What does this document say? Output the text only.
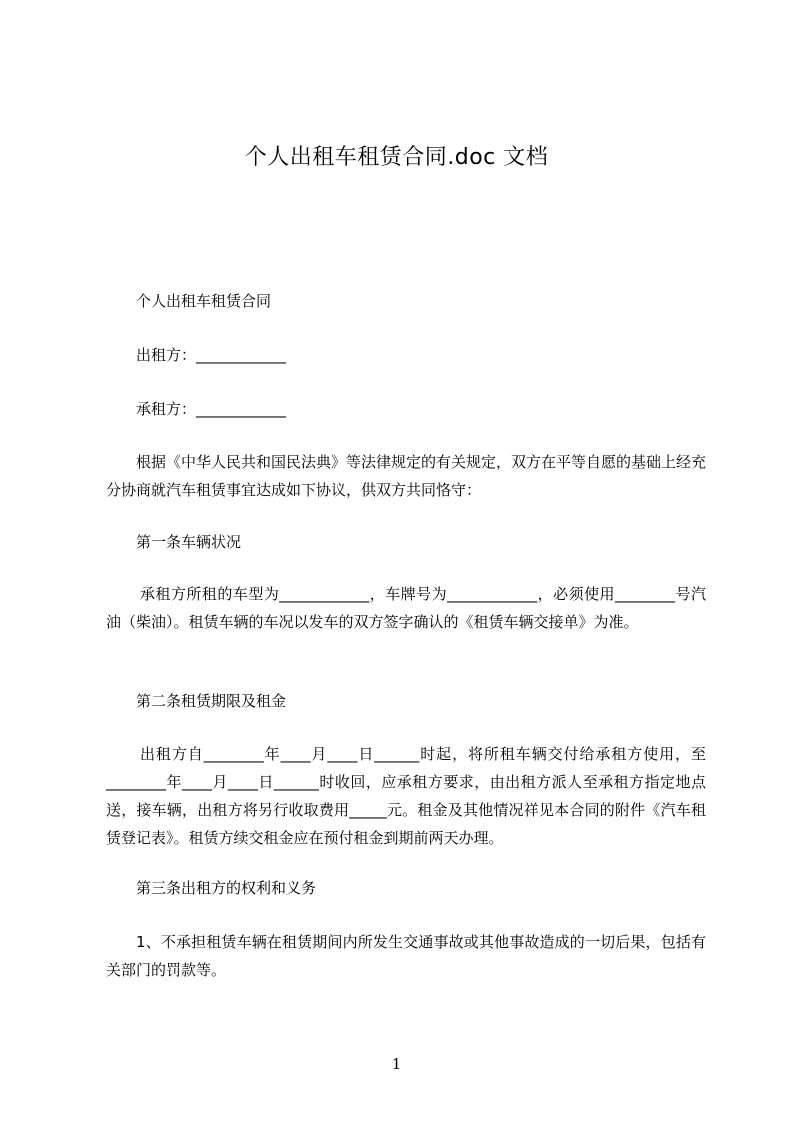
个人出租车租赁合同.doc 文档
个人出租车租赁合同
出租方：____________
承租方：____________
根据《中华人民共和国民法典》等法律规定的有关规定，双方在平等自愿的基础上经充分协商就汽车租赁事宜达成如下协议，供双方共同恪守：
第一条车辆状况
承租方所租的车型为____________，车牌号为____________，必须使用________号汽油（柴油）。租赁车辆的车况以发车的双方签字确认的《租赁车辆交接单》为准。
第二条租赁期限及租金
出租方自________年____月____日______时起，将所租车辆交付给承租方使用，至________年____月____日______时收回，应承租方要求，由出租方派人至承租方指定地点送，接车辆，出租方将另行收取费用_____元。租金及其他情况祥见本合同的附件《汽车租赁登记表》。租赁方续交租金应在预付租金到期前两天办理。
第三条出租方的权利和义务
1、不承担租赁车辆在租赁期间内所发生交通事故或其他事故造成的一切后果，包括有关部门的罚款等。
1
